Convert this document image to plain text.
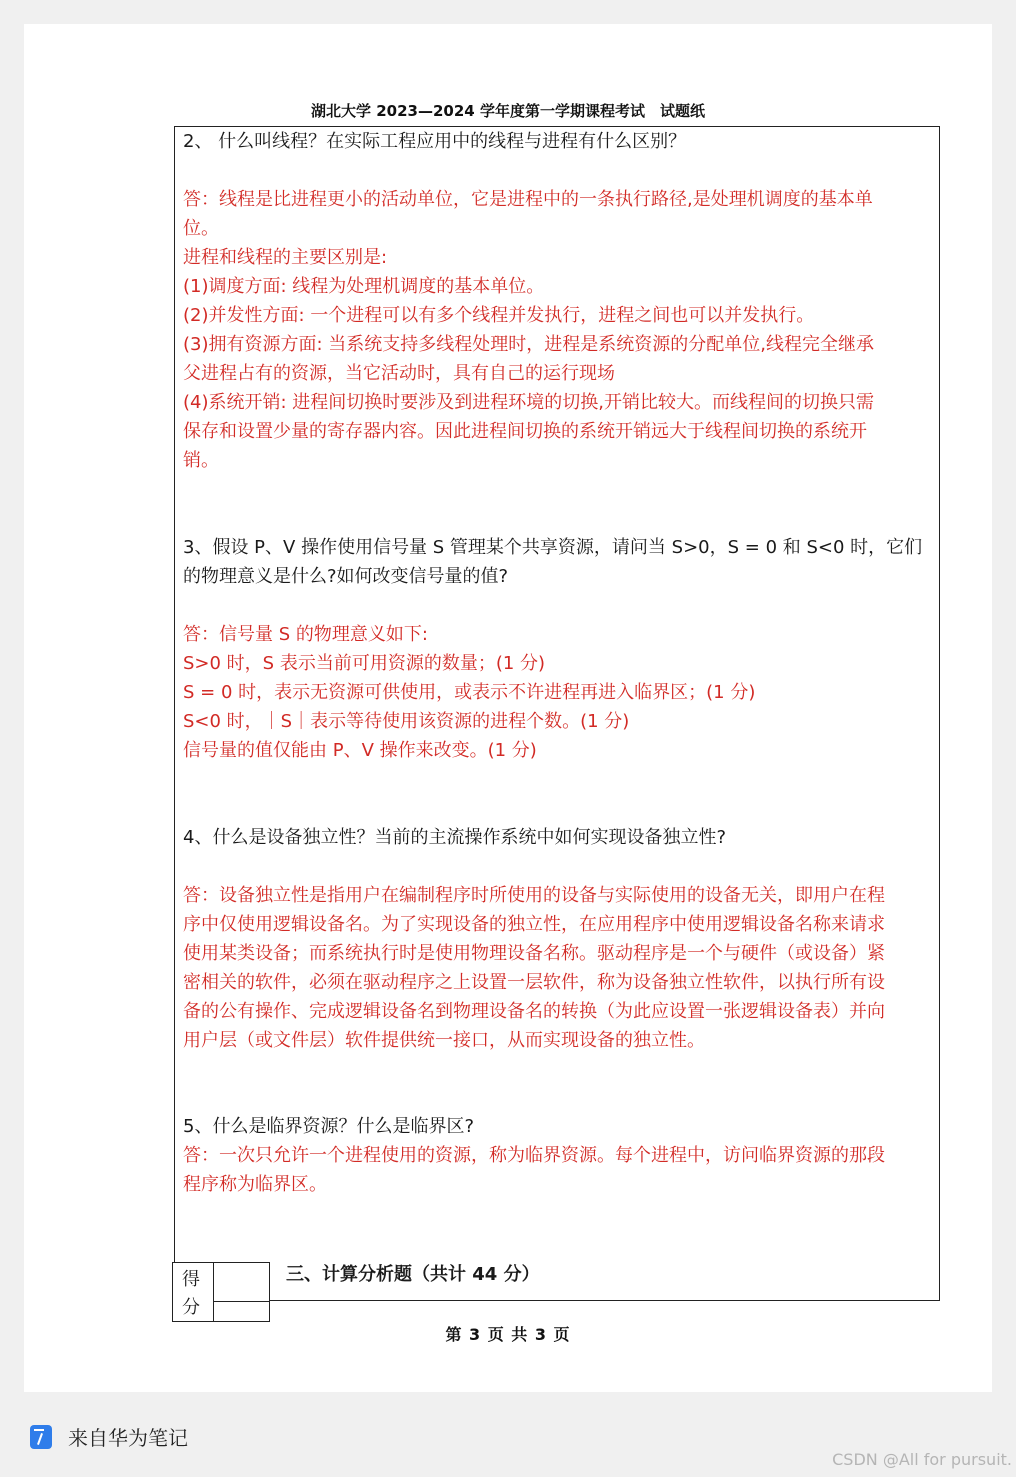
湖北大学 2023—2024 学年度第一学期课程考试　试题纸
2、 什么叫线程？在实际工程应用中的线程与进程有什么区别？
答：线程是比进程更小的活动单位，它是进程中的一条执行路径,是处理机调度的基本单
位。
进程和线程的主要区别是:
(1)调度方面: 线程为处理机调度的基本单位。
(2)并发性方面: 一个进程可以有多个线程并发执行，进程之间也可以并发执行。
(3)拥有资源方面: 当系统支持多线程处理时，进程是系统资源的分配单位,线程完全继承
父进程占有的资源，当它活动时，具有自己的运行现场
(4)系统开销: 进程间切换时要涉及到进程环境的切换,开销比较大。而线程间的切换只需
保存和设置少量的寄存器内容。因此进程间切换的系统开销远大于线程间切换的系统开
销。
3、假设 P、V 操作使用信号量 S 管理某个共享资源，请问当 S>0，S = 0 和 S<0 时，它们
的物理意义是什么?如何改变信号量的值?
答：信号量 S 的物理意义如下:
S>0 时，S 表示当前可用资源的数量；(1 分)
S = 0 时，表示无资源可供使用，或表示不许进程再进入临界区；(1 分)
S<0 时，｜S｜表示等待使用该资源的进程个数。(1 分)
信号量的值仅能由 P、V 操作来改变。(1 分)
4、什么是设备独立性？当前的主流操作系统中如何实现设备独立性?
答：设备独立性是指用户在编制程序时所使用的设备与实际使用的设备无关，即用户在程
序中仅使用逻辑设备名。为了实现设备的独立性，在应用程序中使用逻辑设备名称来请求
使用某类设备；而系统执行时是使用物理设备名称。驱动程序是一个与硬件（或设备）紧
密相关的软件，必须在驱动程序之上设置一层软件，称为设备独立性软件，以执行所有设
备的公有操作、完成逻辑设备名到物理设备名的转换（为此应设置一张逻辑设备表）并向
用户层（或文件层）软件提供统一接口，从而实现设备的独立性。
5、什么是临界资源？什么是临界区?
答：一次只允许一个进程使用的资源，称为临界资源。每个进程中，访问临界资源的那段
程序称为临界区。
得
分
三、计算分析题（共计 44 分）
第 3 页 共 3 页
来自华为笔记
CSDN @All for pursuit.
